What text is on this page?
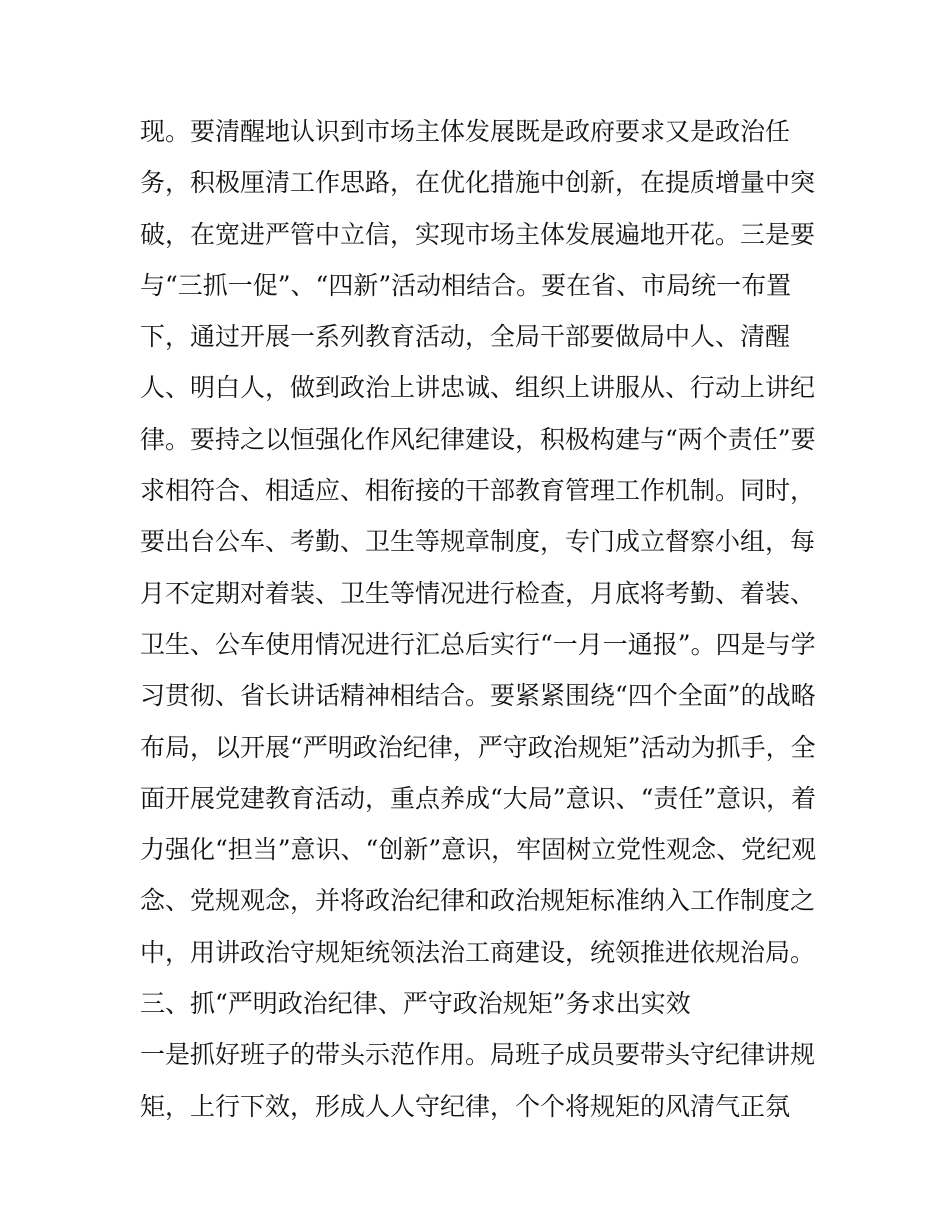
现。要清醒地认识到市场主体发展既是政府要求又是政治任
务，积极厘清工作思路，在优化措施中创新，在提质增量中突
破，在宽进严管中立信，实现市场主体发展遍地开花。三是要
与“三抓一促”、“四新”活动相结合。要在省、市局统一布置
下，通过开展一系列教育活动，全局干部要做局中人、清醒
人、明白人，做到政治上讲忠诚、组织上讲服从、行动上讲纪
律。要持之以恒强化作风纪律建设，积极构建与“两个责任”要
求相符合、相适应、相衔接的干部教育管理工作机制。同时，
要出台公车、考勤、卫生等规章制度，专门成立督察小组，每
月不定期对着装、卫生等情况进行检查，月底将考勤、着装、
卫生、公车使用情况进行汇总后实行“一月一通报”。四是与学
习贯彻、省长讲话精神相结合。要紧紧围绕“四个全面”的战略
布局，以开展“严明政治纪律，严守政治规矩”活动为抓手，全
面开展党建教育活动，重点养成“大局”意识、“责任”意识，着
力强化“担当”意识、“创新”意识，牢固树立党性观念、党纪观
念、党规观念，并将政治纪律和政治规矩标准纳入工作制度之
中，用讲政治守规矩统领法治工商建设，统领推进依规治局。
三、抓“严明政治纪律、严守政治规矩”务求出实效
一是抓好班子的带头示范作用。局班子成员要带头守纪律讲规
矩，上行下效，形成人人守纪律，个个将规矩的风清气正氛
